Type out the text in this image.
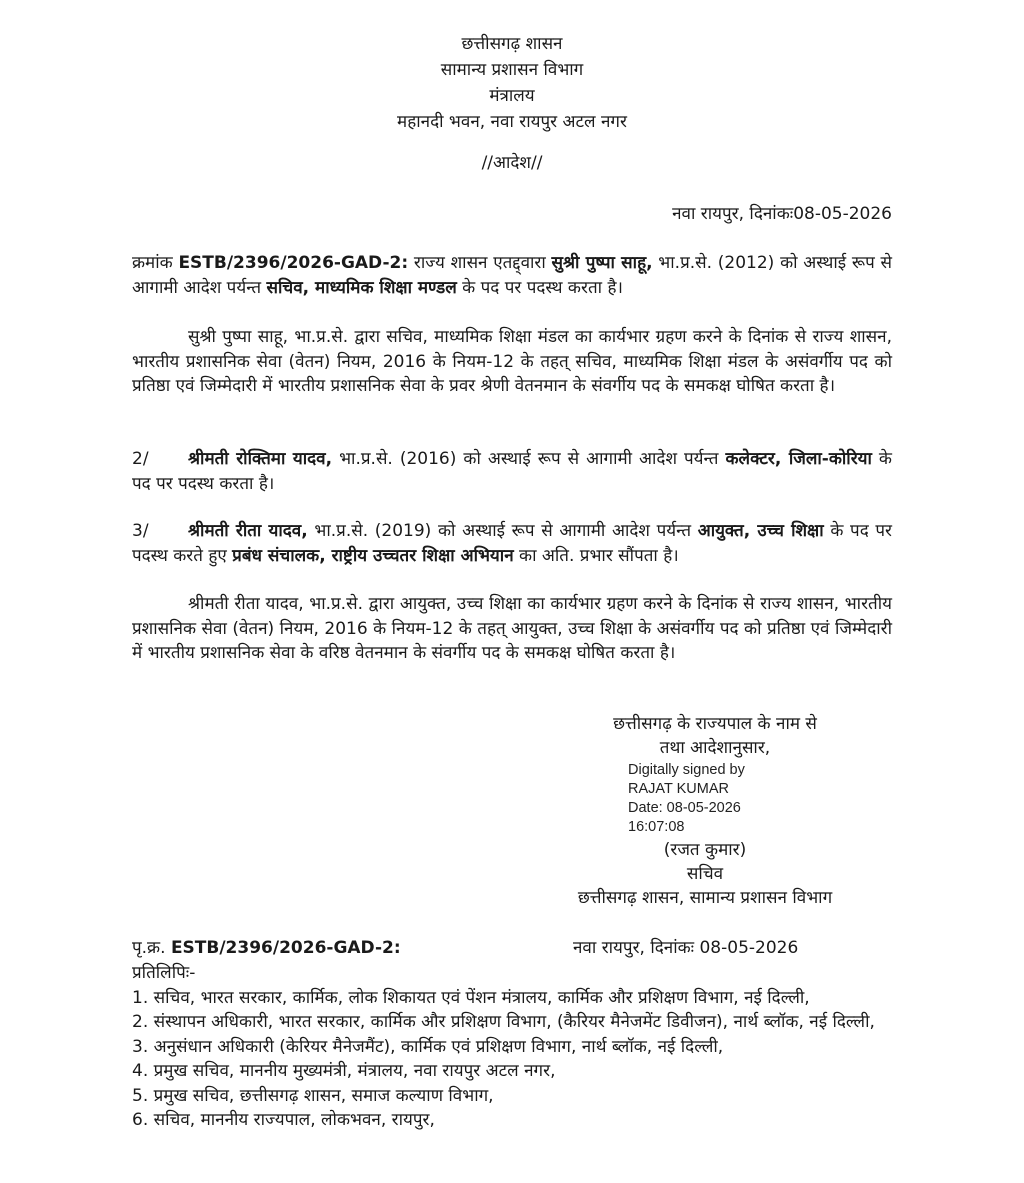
छत्तीसगढ़ शासन
सामान्य प्रशासन विभाग
मंत्रालय
महानदी भवन, नवा रायपुर अटल नगर
//आदेश//
नवा रायपुर, दिनांकः08-05-2026
क्रमांक ESTB/2396/2026-GAD-2: राज्य शासन एतद्द्वारा सुश्री पुष्पा साहू, भा.प्र.से. (2012) को अस्थाई रूप से आगामी आदेश पर्यन्त सचिव, माध्यमिक शिक्षा मण्डल के पद पर पदस्थ करता है।
सुश्री पुष्पा साहू, भा.प्र.से. द्वारा सचिव, माध्यमिक शिक्षा मंडल का कार्यभार ग्रहण करने के दिनांक से राज्य शासन, भारतीय प्रशासनिक सेवा (वेतन) नियम, 2016 के नियम-12 के तहत् सचिव, माध्यमिक शिक्षा मंडल के असंवर्गीय पद को प्रतिष्ठा एवं जिम्मेदारी में भारतीय प्रशासनिक सेवा के प्रवर श्रेणी वेतनमान के संवर्गीय पद के समकक्ष घोषित करता है।
2/ श्रीमती रोक्तिमा यादव, भा.प्र.से. (2016) को अस्थाई रूप से आगामी आदेश पर्यन्त कलेक्टर, जिला-कोरिया के पद पर पदस्थ करता है।
3/ श्रीमती रीता यादव, भा.प्र.से. (2019) को अस्थाई रूप से आगामी आदेश पर्यन्त आयुक्त, उच्च शिक्षा के पद पर पदस्थ करते हुए प्रबंध संचालक, राष्ट्रीय उच्चतर शिक्षा अभियान का अति. प्रभार सौंपता है।
श्रीमती रीता यादव, भा.प्र.से. द्वारा आयुक्त, उच्च शिक्षा का कार्यभार ग्रहण करने के दिनांक से राज्य शासन, भारतीय प्रशासनिक सेवा (वेतन) नियम, 2016 के नियम-12 के तहत् आयुक्त, उच्च शिक्षा के असंवर्गीय पद को प्रतिष्ठा एवं जिम्मेदारी में भारतीय प्रशासनिक सेवा के वरिष्ठ वेतनमान के संवर्गीय पद के समकक्ष घोषित करता है।
छत्तीसगढ़ के राज्यपाल के नाम से
तथा आदेशानुसार,
Digitally signed by
RAJAT KUMAR
Date: 08-05-2026
16:07:08
(रजत कुमार)
सचिव
छत्तीसगढ़ शासन, सामान्य प्रशासन विभाग
पृ.क्र. ESTB/2396/2026-GAD-2:	नवा रायपुर, दिनांकः 08-05-2026
प्रतिलिपिः-
1. सचिव, भारत सरकार, कार्मिक, लोक शिकायत एवं पेंशन मंत्रालय, कार्मिक और प्रशिक्षण विभाग, नई दिल्ली,
2. संस्थापन अधिकारी, भारत सरकार, कार्मिक और प्रशिक्षण विभाग, (कैरियर मैनेजमेंट डिवीजन), नार्थ ब्लॉक, नई दिल्ली,
3. अनुसंधान अधिकारी (केरियर मैनेजमैंट), कार्मिक एवं प्रशिक्षण विभाग, नार्थ ब्लॉक, नई दिल्ली,
4. प्रमुख सचिव, माननीय मुख्यमंत्री, मंत्रालय, नवा रायपुर अटल नगर,
5. प्रमुख सचिव, छत्तीसगढ़ शासन, समाज कल्याण विभाग,
6. सचिव, माननीय राज्यपाल, लोकभवन, रायपुर,
